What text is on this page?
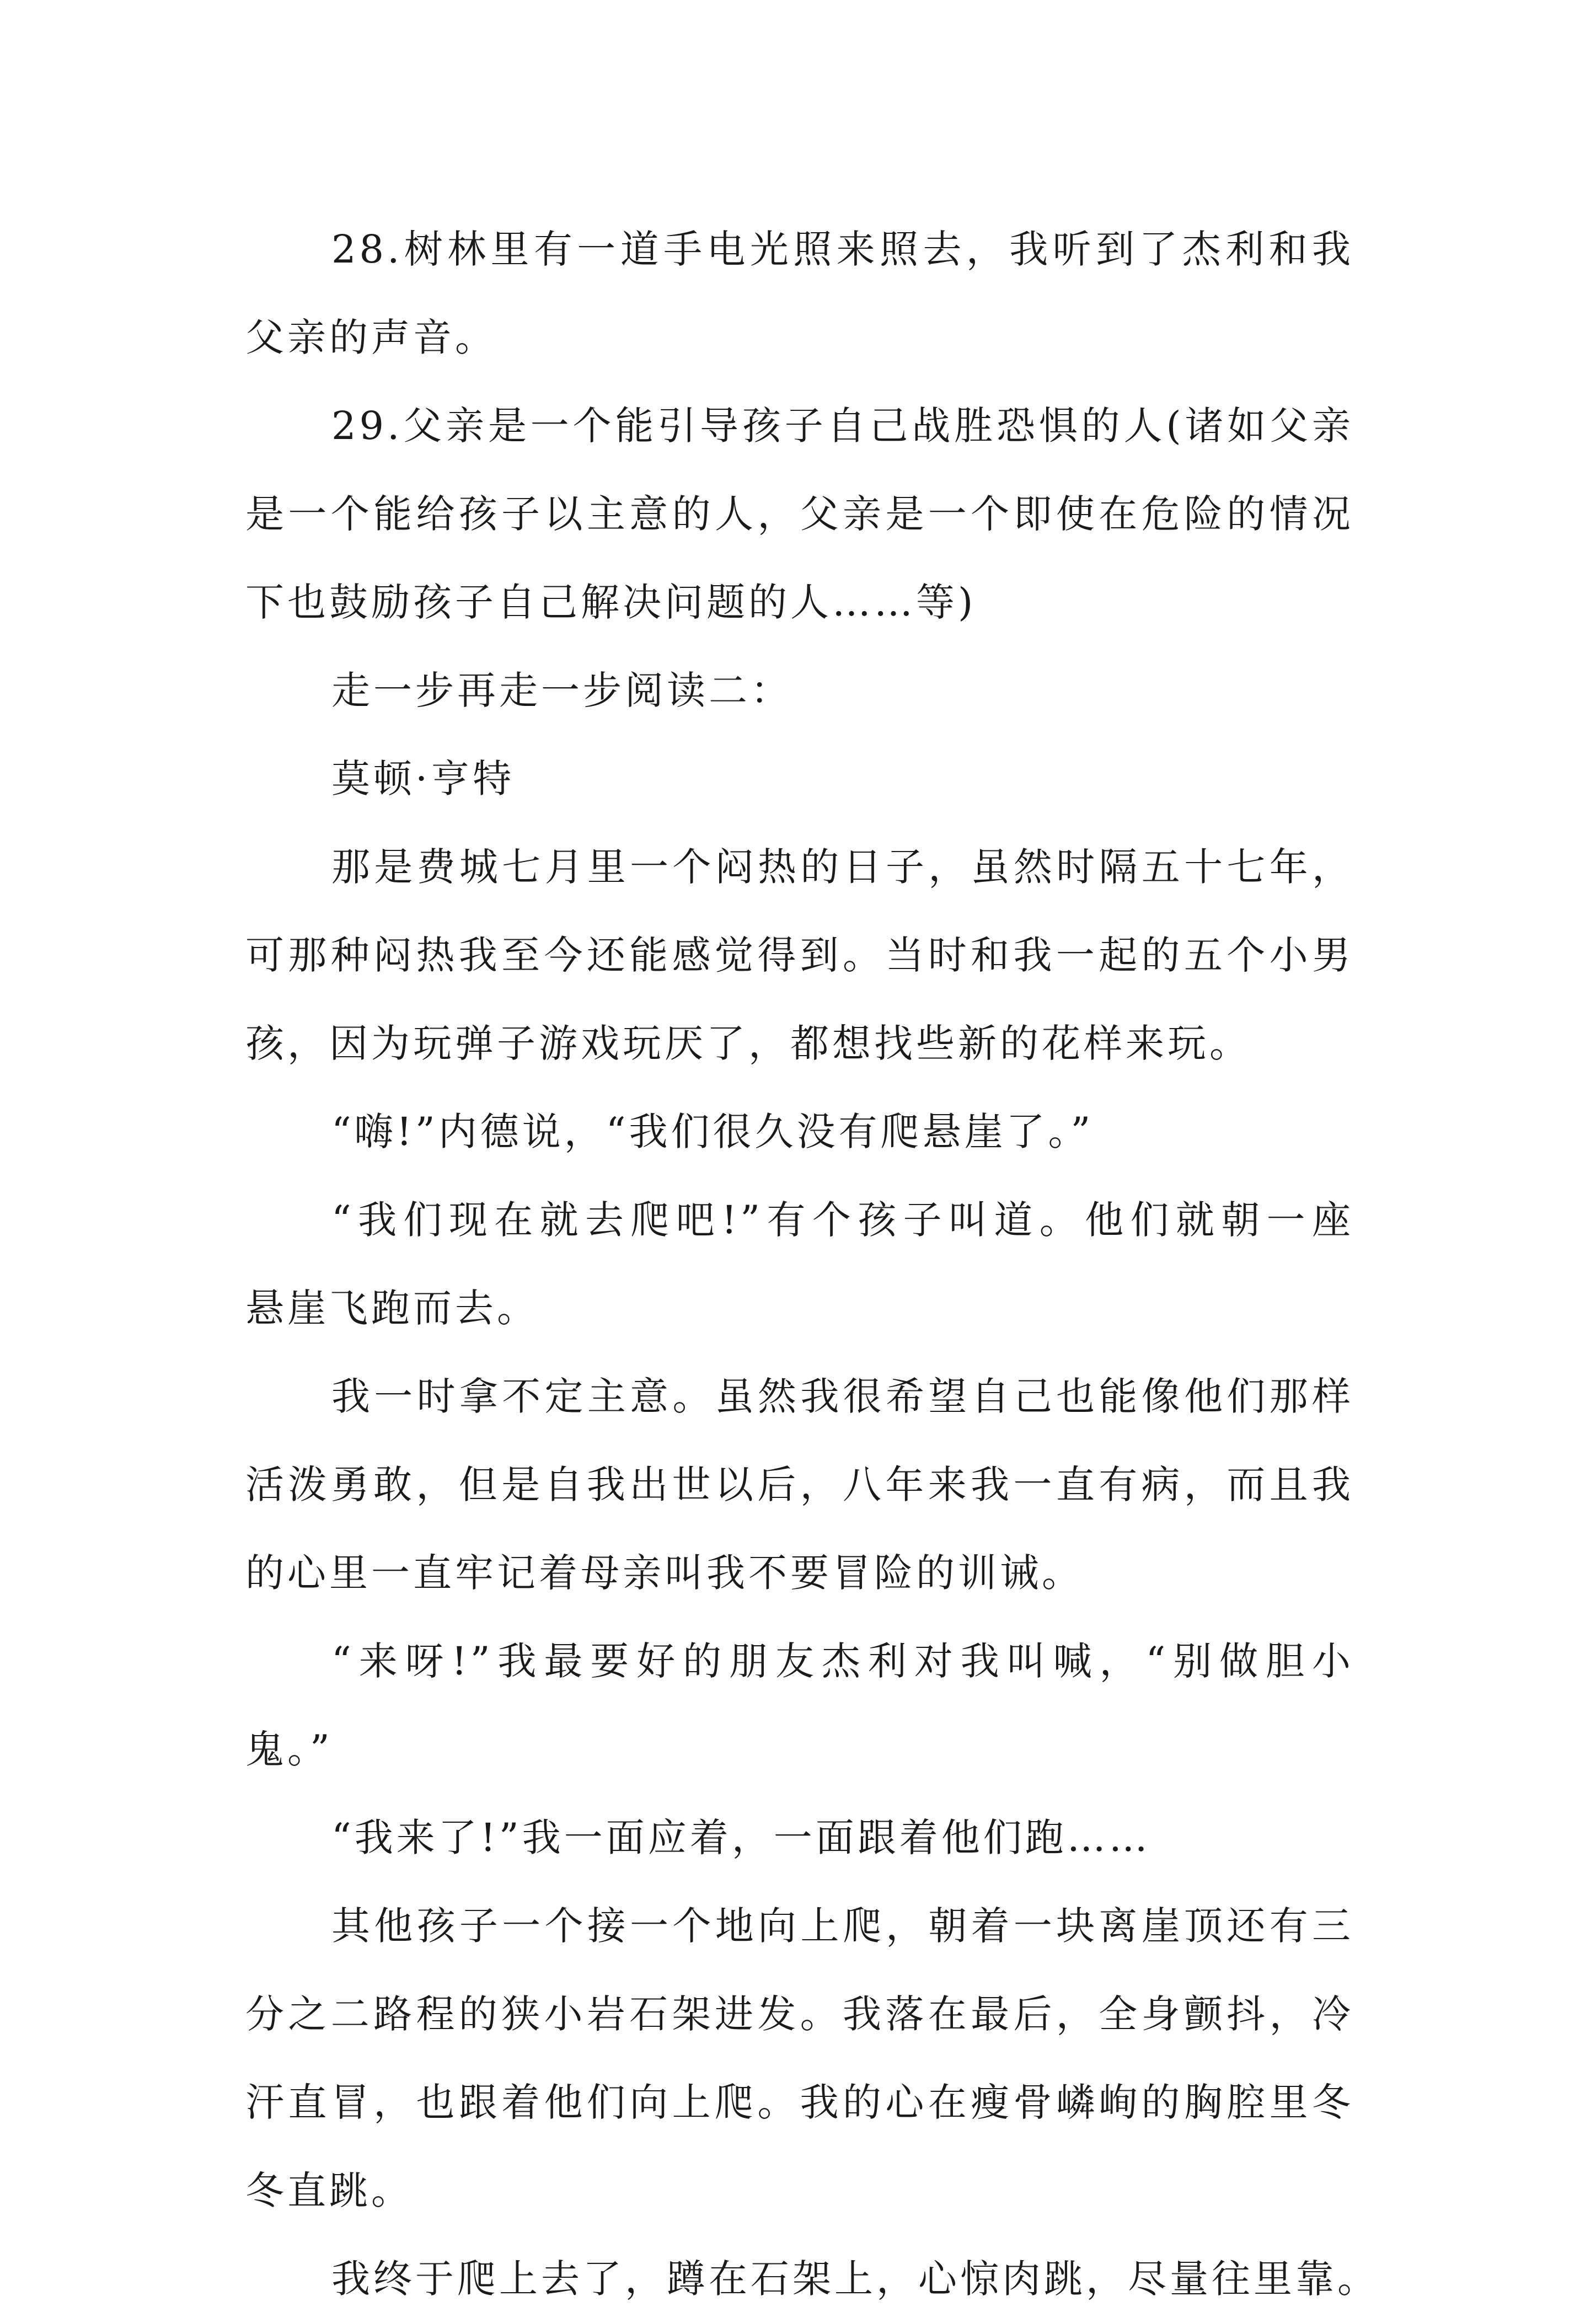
28.树林里有一道手电光照来照去，我听到了杰利和我
父亲的声音。
29.父亲是一个能引导孩子自己战胜恐惧的人(诸如父亲
是一个能给孩子以主意的人，父亲是一个即使在危险的情况
下也鼓励孩子自己解决问题的人……等)
走一步再走一步阅读二：
莫顿·亨特
那是费城七月里一个闷热的日子，虽然时隔五十七年，
可那种闷热我至今还能感觉得到。当时和我一起的五个小男
孩，因为玩弹子游戏玩厌了，都想找些新的花样来玩。
“嗨!”内德说，“我们很久没有爬悬崖了。”
“我们现在就去爬吧!”有个孩子叫道。他们就朝一座
悬崖飞跑而去。
我一时拿不定主意。虽然我很希望自己也能像他们那样
活泼勇敢，但是自我出世以后，八年来我一直有病，而且我
的心里一直牢记着母亲叫我不要冒险的训诫。
“来呀!”我最要好的朋友杰利对我叫喊，“别做胆小
鬼。”
“我来了!”我一面应着，一面跟着他们跑……
其他孩子一个接一个地向上爬，朝着一块离崖顶还有三
分之二路程的狭小岩石架进发。我落在最后，全身颤抖，冷
汗直冒，也跟着他们向上爬。我的心在瘦骨嶙峋的胸腔里冬
冬直跳。
我终于爬上去了，蹲在石架上，心惊肉跳，尽量往里靠。
